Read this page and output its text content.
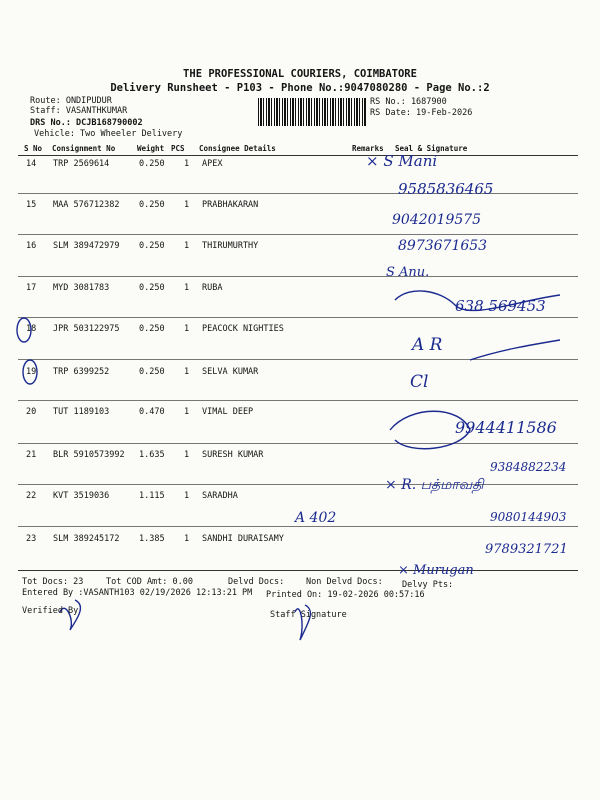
THE PROFESSIONAL COURIERS, COIMBATORE
Delivery Runsheet - P103 - Phone No.:9047080280 - Page No.:2
Route: ONDIPUDUR
Staff: VASANTHKUMAR
DRS No.: DCJB168790002
Vehicle: Two Wheeler Delivery
RS No.: 1687900
RS Date: 19-Feb-2026
S No Consignment No	Weight PCS Consignee Details	Remarks Seal & Signature
14 TRP 2569614	0.250 1 APEX
15 MAA 576712382 0.250 1 PRABHAKARAN
16 SLM 389472979 0.250 1 THIRUMURTHY
17 MYD 3081783	0.250 1 RUBA
18 JPR 503122975 0.250 1 PEACOCK NIGHTIES
19 TRP 6399252	0.250 1 SELVA KUMAR
20 TUT 1189103	0.470 1 VIMAL DEEP
21 BLR 5910573992 1.635 1 SURESH KUMAR
22 KVT 3519036	1.115 1 SARADHA
23 SLM 389245172 1.385 1 SANDHI DURAISAMY
× S Mani
9585836465
9042019575
8973671653
S Anu.
638 569453
A R
Cl
9944411586
9384882234
× R. பத்மாவதி
9080144903
9789321721
A 402
× Murugan
Tot Docs: 23	Tot COD Amt: 0.00	Delvd Docs:	Non Delvd Docs: Delvy Pts:
Entered By :VASANTH103 02/19/2026 12:13:21 PM Printed On: 19-02-2026 00:57:16
Verified By	Staff Signature
